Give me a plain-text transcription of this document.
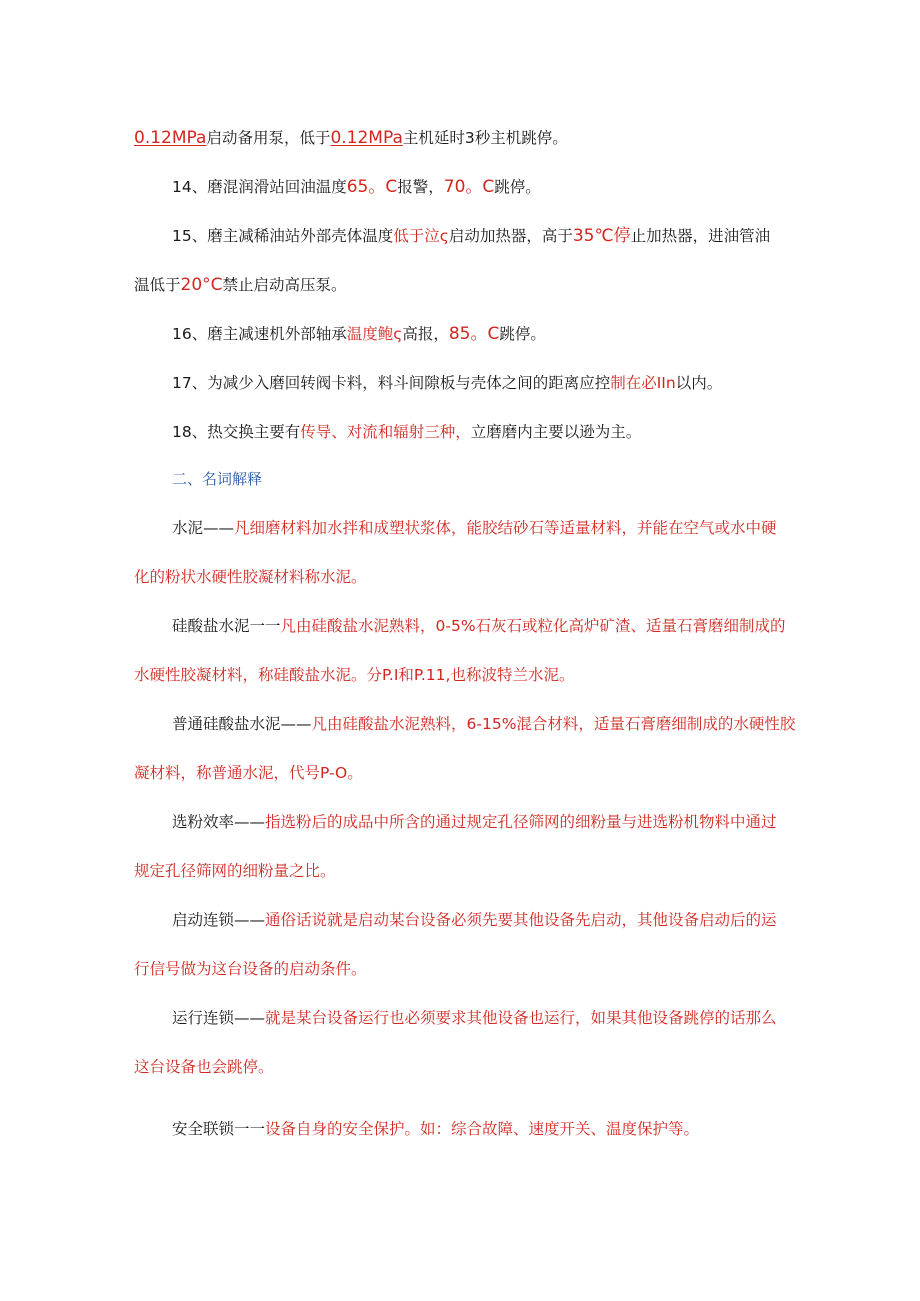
0.12MPa启动备用泵，低于0.12MPa主机延时3秒主机跳停。
14、磨混润滑站回油温度65。C报警，70。C跳停。
15、磨主减稀油站外部壳体温度低于泣ς启动加热器，高于35℃停止加热器，进油管油
温低于20°C禁止启动高压泵。
16、磨主减速机外部轴承温度鲍ς高报，85。C跳停。
17、为减少入磨回转阀卡料，料斗间隙板与壳体之间的距离应控制在必IIn以内。
18、热交换主要有传导、对流和辐射三种，立磨磨内主要以逊为主。
二、名词解释
水泥——凡细磨材料加水拌和成塑状浆体，能胶结砂石等适量材料，并能在空气或水中硬
化的粉状水硬性胶凝材料称水泥。
硅酸盐水泥一一凡由硅酸盐水泥熟料，0-5%石灰石或粒化高炉矿渣、适量石膏磨细制成的
水硬性胶凝材料，称硅酸盐水泥。分P.I和P.11,也称波特兰水泥。
普通硅酸盐水泥——凡由硅酸盐水泥熟料，6-15%混合材料，适量石膏磨细制成的水硬性胶
凝材料，称普通水泥，代号P-O。
选粉效率——指选粉后的成品中所含的通过规定孔径筛网的细粉量与进选粉机物料中通过
规定孔径筛网的细粉量之比。
启动连锁——通俗话说就是启动某台设备必须先要其他设备先启动，其他设备启动后的运
行信号做为这台设备的启动条件。
运行连锁——就是某台设备运行也必须要求其他设备也运行，如果其他设备跳停的话那么
这台设备也会跳停。
安全联锁一一设备自身的安全保护。如：综合故障、速度开关、温度保护等。
